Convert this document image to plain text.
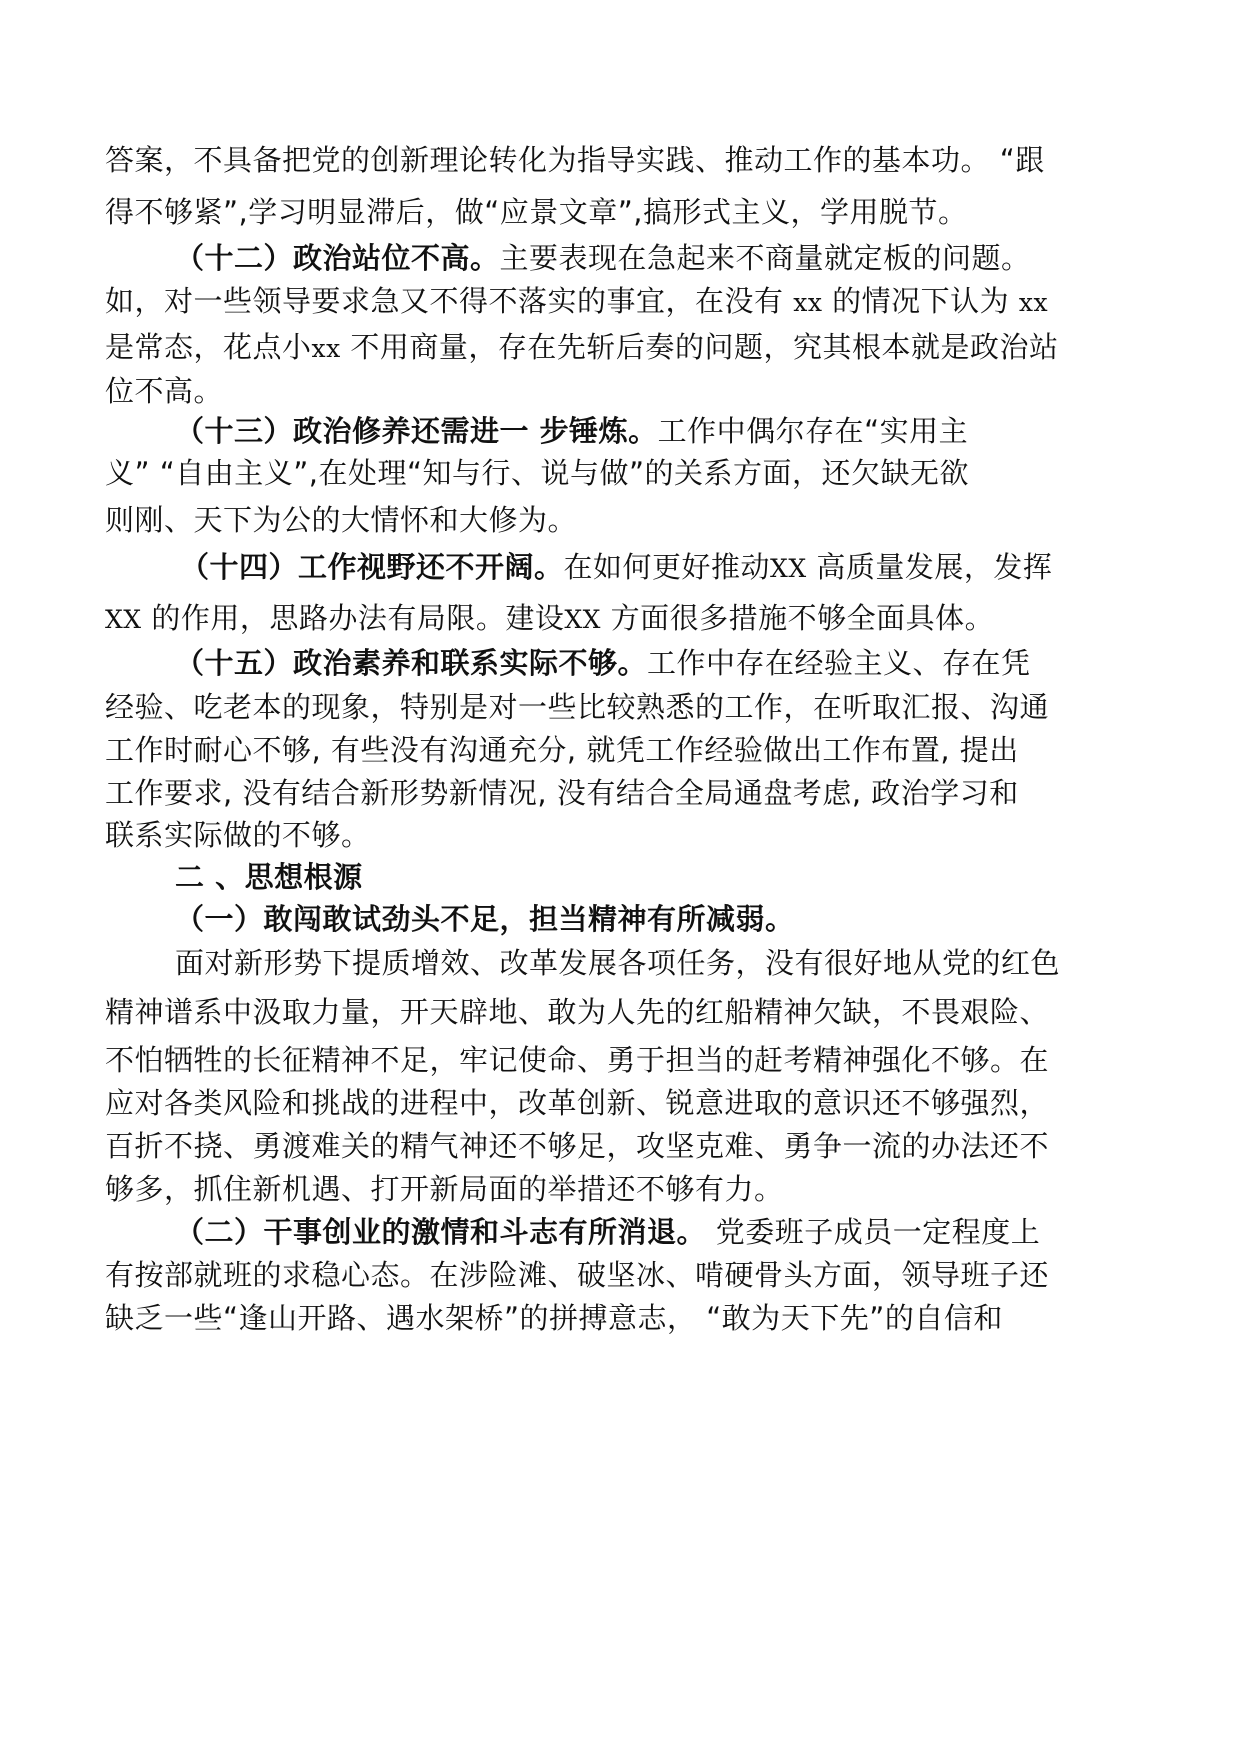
答案，不具备把党的创新理论转化为指导实践、推动工作的基本功。 “跟
得不够紧”,学习明显滞后，做“应景文章”,搞形式主义，学用脱节。
（十二）政治站位不高。主要表现在急起来不商量就定板的问题。
如，对一些领导要求急又不得不落实的事宜，在没有 xx 的情况下认为 xx
是常态，花点小xx 不用商量，存在先斩后奏的问题，究其根本就是政治站
位不高。
（十三）政治修养还需进一 步锤炼。工作中偶尔存在“实用主
义” “自由主义”,在处理“知与行、说与做”的关系方面，还欠缺无欲
则刚、天下为公的大情怀和大修为。
（十四）工作视野还不开阔。在如何更好推动XX 高质量发展，发挥
XX 的作用，思路办法有局限。建设XX 方面很多措施不够全面具体。
（十五）政治素养和联系实际不够。工作中存在经验主义、存在凭
经验、吃老本的现象，特别是对一些比较熟悉的工作，在听取汇报、沟通
工作时耐心不够, 有些没有沟通充分, 就凭工作经验做出工作布置, 提出
工作要求, 没有结合新形势新情况, 没有结合全局通盘考虑, 政治学习和
联系实际做的不够。
二 、思想根源
（一）敢闯敢试劲头不足，担当精神有所减弱。
面对新形势下提质增效、改革发展各项任务，没有很好地从党的红色
精神谱系中汲取力量，开天辟地、敢为人先的红船精神欠缺，不畏艰险、
不怕牺牲的长征精神不足，牢记使命、勇于担当的赶考精神强化不够。在
应对各类风险和挑战的进程中，改革创新、锐意进取的意识还不够强烈，
百折不挠、勇渡难关的精气神还不够足，攻坚克难、勇争一流的办法还不
够多，抓住新机遇、打开新局面的举措还不够有力。
（二）干事创业的激情和斗志有所消退。 党委班子成员一定程度上
有按部就班的求稳心态。在涉险滩、破坚冰、啃硬骨头方面，领导班子还
缺乏一些“逢山开路、遇水架桥”的拼搏意志， “敢为天下先”的自信和
